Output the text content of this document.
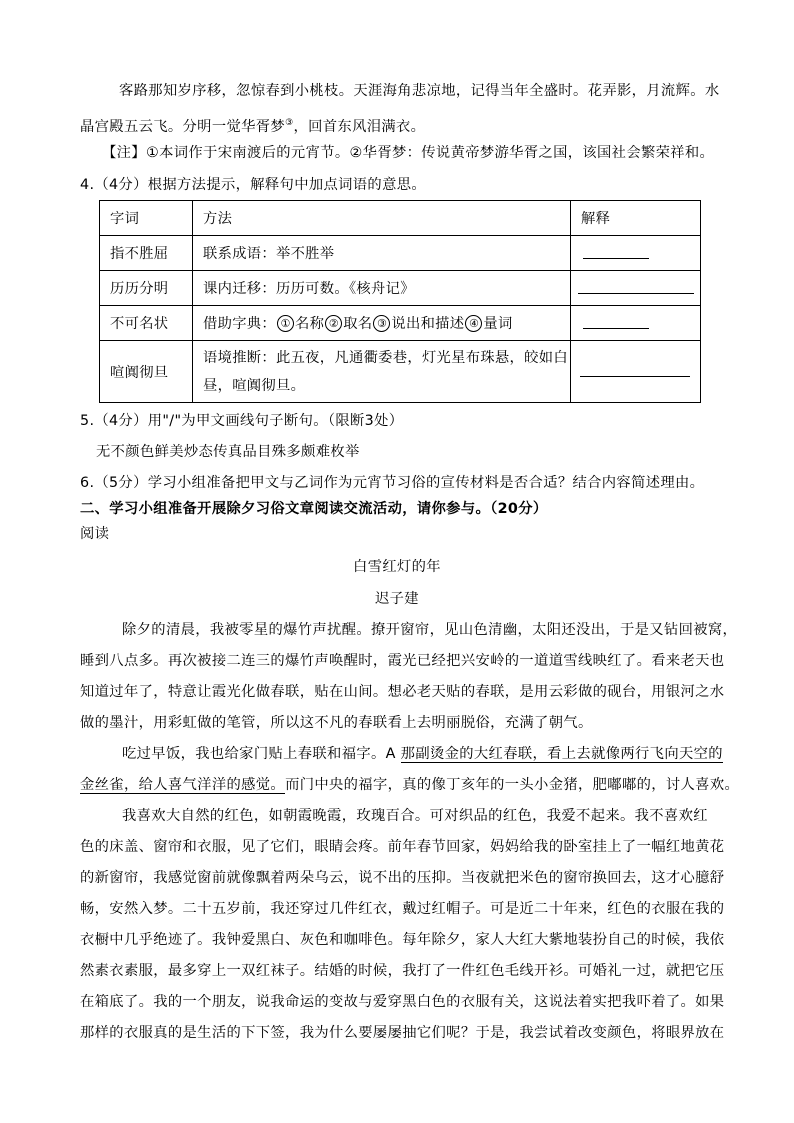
客路那知岁序移，忽惊春到小桃枝。天涯海角悲凉地，记得当年全盛时。花弄影，月流辉。水
晶宫殿五云飞。分明一觉华胥梦③，回首东风泪满衣。
【注】①本词作于宋南渡后的元宵节。②华胥梦：传说黄帝梦游华胥之国，该国社会繁荣祥和。
4.（4分）根据方法提示，解释句中加点词语的意思。
字词	方法	解释
指不胜屈	联系成语：举不胜举	
历历分明	课内迁移：历历可数。《核舟记》	
不可名状	借助字典： ① 名称 ② 取名 ③ 说出和描述 ④ 量词	
喧阗彻旦	语境推断：此五夜，凡通衢委巷，灯光星布珠悬，皎如白
昼，喧阗彻旦。	

5.（4分）用"/"为甲文画线句子断句。（限断3处）
无不颜色鲜美炒态传真品目殊多颇难枚举
6.（5分）学习小组准备把甲文与乙词作为元宵节习俗的宣传材料是否合适？结合内容简述理由。
二、学习小组准备开展除夕习俗文章阅读交流活动，请你参与。（20分）
阅读
白雪红灯的年
迟子建
除夕的清晨，我被零星的爆竹声扰醒。撩开窗帘，见山色清幽，太阳还没出，于是又钻回被窝，
睡到八点多。再次被接二连三的爆竹声唤醒时，霞光已经把兴安岭的一道道雪线映红了。看来老天也
知道过年了，特意让霞光化做春联，贴在山间。想必老天贴的春联，是用云彩做的砚台，用银河之水
做的墨汁，用彩虹做的笔管，所以这不凡的春联看上去明丽脱俗，充满了朝气。
吃过早饭，我也给家门贴上春联和福字。A 那副烫金的大红春联，看上去就像两行飞向天空的
金丝雀，给人喜气洋洋的感觉。而门中央的福字，真的像丁亥年的一头小金猪，肥嘟嘟的，讨人喜欢。
我喜欢大自然的红色，如朝霞晚霞，玫瑰百合。可对织品的红色，我爱不起来。我不喜欢红
色的床盖、窗帘和衣服，见了它们，眼睛会疼。前年春节回家，妈妈给我的卧室挂上了一幅红地黄花
的新窗帘，我感觉窗前就像飘着两朵乌云，说不出的压抑。当夜就把米色的窗帘换回去，这才心臆舒
畅，安然入梦。二十五岁前，我还穿过几件红衣，戴过红帽子。可是近二十年来，红色的衣服在我的
衣橱中几乎绝迹了。我钟爱黑白、灰色和咖啡色。每年除夕，家人大红大紫地装扮自己的时候，我依
然素衣素服，最多穿上一双红袜子。结婚的时候，我打了一件红色毛线开衫。可婚礼一过，就把它压
在箱底了。我的一个朋友，说我命运的变故与爱穿黑白色的衣服有关，这说法着实把我吓着了。如果
那样的衣服真的是生活的下下签，我为什么要屡屡抽它们呢？于是，我尝试着改变颜色，将眼界放在
